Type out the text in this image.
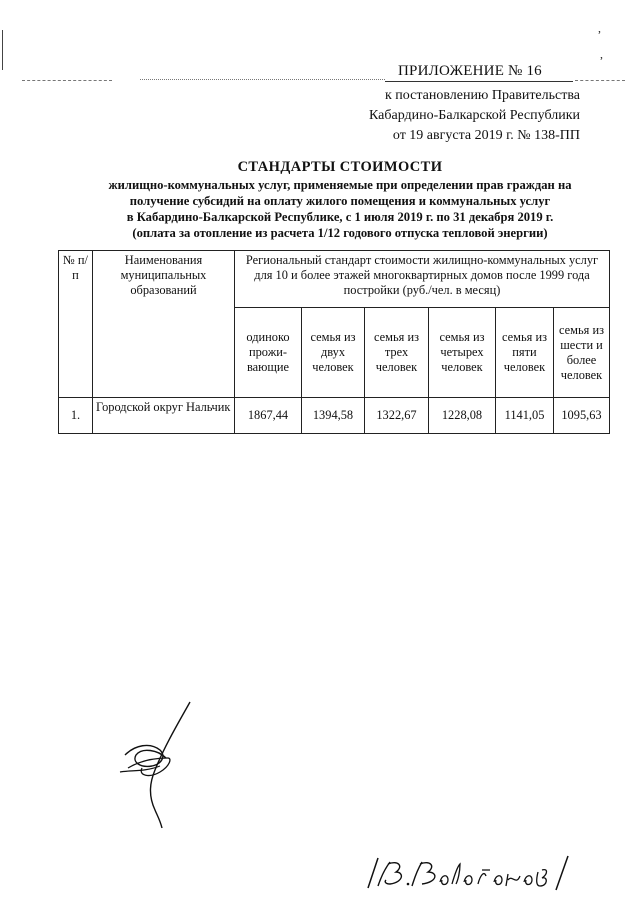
,
,
ПРИЛОЖЕНИЕ № 16
к постановлению Правительства
Кабардино-Балкарской Республики
от 19 августа 2019 г. № 138-ПП
СТАНДАРТЫ СТОИМОСТИ
жилищно-коммунальных услуг, применяемые при определении прав граждан на
получение субсидий на оплату жилого помещения и коммунальных услуг
в Кабардино-Балкарской Республике, с 1 июля 2019 г. по 31 декабря 2019 г.
(оплата за отопление из расчета 1/12 годового отпуска тепловой энергии)
№ п/п	Наименования муниципальных образований	Региональный стандарт стоимости жилищно-коммунальных услуг для 10 и более этажей многоквартирных домов после 1999 года постройки (руб./чел. в месяц)					
		одиноко прожи-вающие	семья из двух человек	семья из трех человек	семья из четырех человек	семья из пяти человек	семья из шести и более человек
1.	Городской округ Нальчик	1867,44	1394,58	1322,67	1228,08	1141,05	1095,63
